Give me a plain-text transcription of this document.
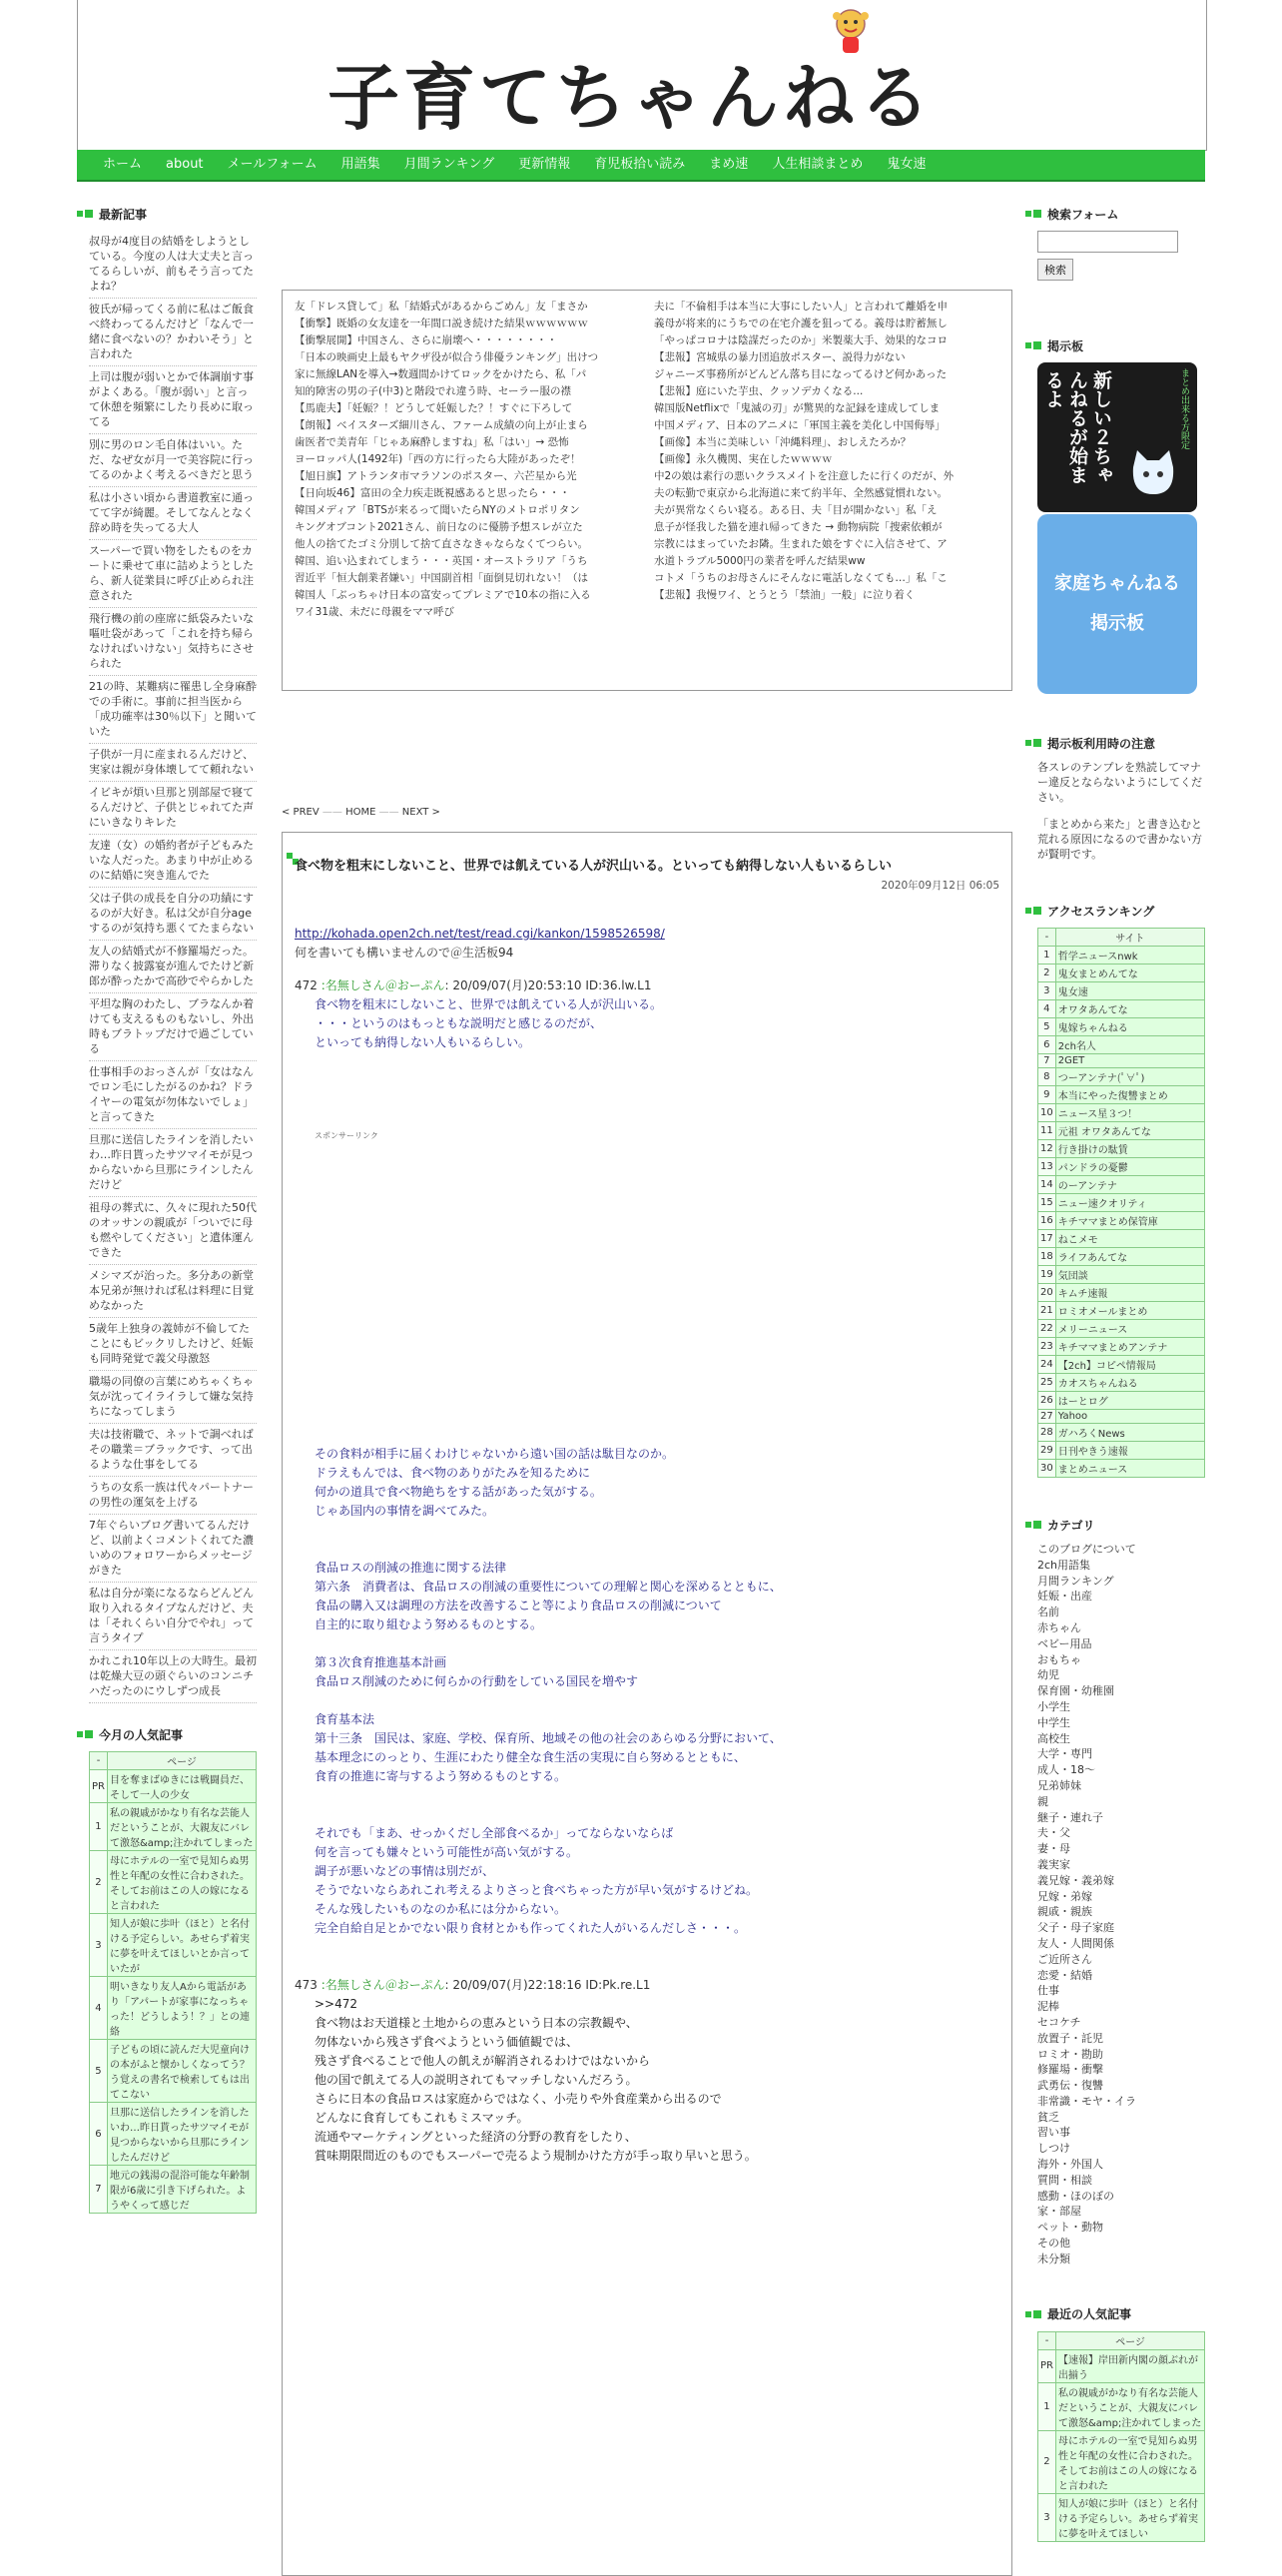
子育てちゃんねる
ホーム	about	メールフォーム	用語集	月間ランキング	更新情報	育児板拾い読み	まめ速	人生相談まとめ	鬼女速
最新記事
叔母が4度目の結婚をしようとしている。今度の人は大丈夫と言ってるらしいが、前もそう言ってたよね？
彼氏が帰ってくる前に私はご飯食べ終わってるんだけど「なんで一緒に食べないの？かわいそう」と言われた
上司は腹が弱いとかで体調崩す事がよくある。「腹が弱い」と言って休憩を頻繁にしたり長めに取ってる
別に男のロン毛自体はいい。ただ、なぜ女が月一で美容院に行ってるのかよく考えるべきだと思う
私は小さい頃から書道教室に通ってて字が綺麗。そしてなんとなく辞め時を失ってる大人
スーパーで買い物をしたものをカートに乗せて車に詰めようとしたら、新人従業員に呼び止められ注意された
飛行機の前の座席に紙袋みたいな嘔吐袋があって「これを持ち帰らなければいけない」気持ちにさせられた
21の時、某難病に罹患し全身麻酔での手術に。事前に担当医から「成功確率は30％以下」と聞いていた
子供が一月に産まれるんだけど、実家は親が身体壊してて頼れない
イビキが煩い旦那と別部屋で寝てるんだけど、子供とじゃれてた声にいきなりキレた
友達（女）の婚約者が子どもみたいな人だった。あまり中が止めるのに結婚に突き進んでた
父は子供の成長を自分の功績にするのが大好き。私は父が自分ageするのが気持ち悪くてたまらない
友人の結婚式が不修羅場だった。滞りなく披露宴が進んでたけど新郎が酔ったかで高砂でやらかした
平坦な胸のわたし、ブラなんか着けても支えるものもないし、外出時もブラトップだけで過ごしている
仕事相手のおっさんが「女はなんでロン毛にしたがるのかね？ドライヤーの電気が勿体ないでしょ」と言ってきた
旦那に送信したラインを消したいわ…昨日貰ったサツマイモが見つからないから旦那にラインしたんだけど
祖母の葬式に、久々に現れた50代のオッサンの親戚が「ついでに母も燃やしてください」と遺体運んできた
メシマズが治った。多分あの新堂本兄弟が無ければ私は料理に目覚めなかった
5歳年上独身の義姉が不倫してたことにもビックリしたけど、妊娠も同時発覚で義父母激怒
職場の同僚の言葉にめちゃくちゃ気が沈ってイライラして嫌な気持ちになってしまう
夫は技術職で、ネットで調べればその職業＝ブラックです、って出るような仕事をしてる
うちの女系一族は代々パートナーの男性の運気を上げる
7年ぐらいブログ書いてるんだけど、以前よくコメントくれてた濃いめのフォロワーからメッセージがきた
私は自分が楽になるならどんどん取り入れるタイプなんだけど、夫は「それくらい自分でやれ」って言うタイプ
かれこれ10年以上の大時生。最初は乾燥大豆の頭ぐらいのコンニチハだったのにウしずつ成長
今月の人気記事
-	ページ
PR	目を奪まばゆきには戦闘員だ、そして一人の少女
1	私の親戚がかなり有名な芸能人だということが、大親友にバレて激怒&amp;注かれてしまった
2	母にホテルの一室で見知らぬ男性と年配の女性に合わされた。そしてお前はこの人の嫁になると言われた
3	知人が娘に歩叶（ほと）と名付ける予定らしい。あせらず着実に夢を叶えてほしいとか言っていたが
4	明いきなり友人Aから電話があり「アパートが家事になっちゃった！どうしよう！？」との連絡
5	子どもの頃に読んだ大児童向けの本がふと懐かしくなってう？う覚えの書名で検索してもは出てこない
6	旦那に送信したラインを消したいわ…昨日貰ったサツマイモが見つからないから旦那にラインしたんだけど
7	地元の銭湯の混浴可能な年齢制限が6歳に引き下げられた。ようやくって感じだ
友「ドレス貸して」私「結婚式があるからごめん」友「まさか
【衝撃】既婚の女友達を一年間口説き続けた結果ｗｗｗｗｗｗ
【衝撃展開】中国さん、さらに崩壊へ・・・・・・・・
「日本の映画史上最もヤクザ役が似合う俳優ランキング」出けつ
家に無線LANを導入→数週間かけてロックをかけたら、私「パ
知的障害の男の子(中3)と階段でれ違う時、セーラー服の襟
【馬鹿夫】「妊娠？！どうして妊娠した？！すぐに下ろして
【朗報】ベイスターズ細川さん、ファーム成績の向上が止まら
歯医者で美青年「じゃあ麻酔しますね」私「はい」→ 恐怖
ヨーロッパ人(1492年)「西の方に行ったら大陸があったぞ！
【旭日旗】アトランタ市マラソンのポスター、六芒星から光
【日向坂46】富田の全力疾走既視感あると思ったら・・・
韓国メディア「BTSが来るって聞いたらNYのメトロポリタン
キングオブコント2021さん、前日なのに優勝予想スレが立た
他人の捨てたゴミ分別して捨て直さなきゃならなくてつらい。
韓国、追い込まれてしまう・・・英国・オーストラリア「うち
習近平「恒大創業者嫌い」中国副首相「面倒見切れない！（は
韓国人「ぶっちゃけ日本の富安ってプレミアで10本の指に入る
ワイ31歳、未だに母親をママ呼び
夫に「不倫相手は本当に大事にしたい人」と言われて離婚を申
義母が将来的にうちでの在宅介護を狙ってる。義母は貯蓄無し
「やっぱコロナは陰謀だったのか」米製薬大手、効果的なコロ
【悲報】宮城県の暴力団追放ポスター、説得力がない
ジャニーズ事務所がどんどん落ち目になってるけど何かあった
【悲報】庭にいた芋虫、クッソデカくなる...
韓国版Netflixで「鬼滅の刃」が驚異的な記録を達成してしま
中国メディア、日本のアニメに「軍国主義を美化し中国侮辱」
【画像】本当に美味しい「沖縄料理」、おしえたろか？
【画像】永久機関、実在したｗｗｗｗ
中2の娘は素行の悪いクラスメイトを注意したに行くのだが、外
夫の転勤で東京から北海道に来て約半年、全然感覚慣れない。
夫が異常なくらい寝る。ある日、夫「目が開かない」私「え
息子が怪我した猫を連れ帰ってきた → 動物病院「捜索依頼が
宗教にはまっていたお隣。生まれた娘をすぐに入信させて、ア
水道トラブル5000円の業者を呼んだ結果ww
コトメ「うちのお母さんにそんなに電話しなくても…」私「こ
【悲報】我慢ワイ、とうとう「禁油」一般」に泣り着く
< PREV —— HOME —— NEXT >
食べ物を粗末にしないこと、世界では飢えている人が沢山いる。といっても納得しない人もいるらしい
2020年09月12日 06:05
http://kohada.open2ch.net/test/read.cgi/kankon/1598526598/
何を書いても構いませんので＠生活板94
472 :名無しさん＠おーぷん: 20/09/07(月)20:53:10 ID:36.lw.L1
食べ物を粗末にしないこと、世界では飢えている人が沢山いる。
・・・というのはもっともな説明だと感じるのだが、
といっても納得しない人もいるらしい。
スポンサーリンク
その食料が相手に届くわけじゃないから遠い国の話は駄目なのか。
ドラえもんでは、食べ物のありがたみを知るために
何かの道具で食べ物絶ちをする話があった気がする。
じゃあ国内の事情を調べてみた。
食品ロスの削減の推進に関する法律
第六条　消費者は、食品ロスの削減の重要性についての理解と関心を深めるとともに、
食品の購入又は調理の方法を改善すること等により食品ロスの削減について
自主的に取り組むよう努めるものとする。
第３次食育推進基本計画
食品ロス削減のために何らかの行動をしている国民を増やす
食育基本法
第十三条　国民は、家庭、学校、保育所、地域その他の社会のあらゆる分野において、
基本理念にのっとり、生涯にわたり健全な食生活の実現に自ら努めるとともに、
食育の推進に寄与するよう努めるものとする。
それでも「まあ、せっかくだし全部食べるか」ってならないならば
何を言っても嫌々という可能性が高い気がする。
調子が悪いなどの事情は別だが、
そうでないならあれこれ考えるよりさっと食べちゃった方が早い気がするけどね。
そんな残したいものなのか私には分からない。
完全自給自足とかでない限り食材とかも作ってくれた人がいるんだしさ・・・。
473 :名無しさん＠おーぷん: 20/09/07(月)22:18:16 ID:Pk.re.L1
>>472
食べ物はお天道様と土地からの恵みという日本の宗教観や、
勿体ないから残さず食べようという価値観では、
残さず食べることで他人の飢えが解消されるわけではないから
他の国で飢えてる人の説明されてもマッチしないんだろう。
さらに日本の食品ロスは家庭からではなく、小売りや外食産業から出るので
どんなに食育してもこれもミスマッチ。
流通やマーケティングといった経済の分野の教育をしたり、
賞味期限間近のものでもスーパーで売るよう規制かけた方が手っ取り早いと思う。
検索フォーム
検索
掲示板
新しい２ちゃんねるが始まるよ	まとめ出来る方限定
家庭ちゃんねる
掲示板
掲示板利用時の注意
各スレのテンプレを熟読してマナー違反とならないようにしてください。
「まとめから来た」と書き込むと荒れる原因になるので書かない方が賢明です。
アクセスランキング
-	サイト
1	哲学ニュースnwk
2	鬼女まとめんてな
3	鬼女速
4	オワタあんてな
5	鬼嫁ちゃんねる
6	2ch名人
7	2GET
8	つーアンテナ(ﾟ∀ﾟ)
9	本当にやった復讐まとめ
10	ニュース星３つ！
11	元祖 オワタあんてな
12	行き掛けの駄賃
13	パンドラの憂鬱
14	のーアンテナ
15	ニュー速クオリティ
16	キチママまとめ保管庫
17	ねこメモ
18	ライフあんてな
19	気団談
20	キムチ速報
21	ロミオメールまとめ
22	メリーニュース
23	キチママまとめアンテナ
24	【2ch】コピペ情報局
25	カオスちゃんねる
26	はーとログ
27	Yahoo
28	ガハろくNews
29	日刊やきう速報
30	まとめニュース
カテゴリ
このブログについて
2ch用語集
月間ランキング
妊娠・出産
名前
赤ちゃん
ベビー用品
おもちゃ
幼児
保育園・幼稚園
小学生
中学生
高校生
大学・専門
成人・18～
兄弟姉妹
親
継子・連れ子
夫・父
妻・母
義実家
義兄嫁・義弟嫁
兄嫁・弟嫁
親戚・親族
父子・母子家庭
友人・人間関係
ご近所さん
恋愛・結婚
仕事
泥棒
セコケチ
放置子・託児
ロミオ・勘助
修羅場・衝撃
武勇伝・復讐
非常識・モヤ・イラ
貧乏
習い事
しつけ
海外・外国人
質問・相談
感動・ほのぼの
家・部屋
ペット・動物
その他
未分類
最近の人気記事
-	ページ
PR	【速報】岸田新内閣の顔ぶれが出揃う
1	私の親戚がかなり有名な芸能人だということが、大親友にバレて激怒&amp;注かれてしまった
2	母にホテルの一室で見知らぬ男性と年配の女性に合わされた。そしてお前はこの人の嫁になると言われた
3	知人が娘に歩叶（ほと）と名付ける予定らしい。あせらず着実に夢を叶えてほしい
